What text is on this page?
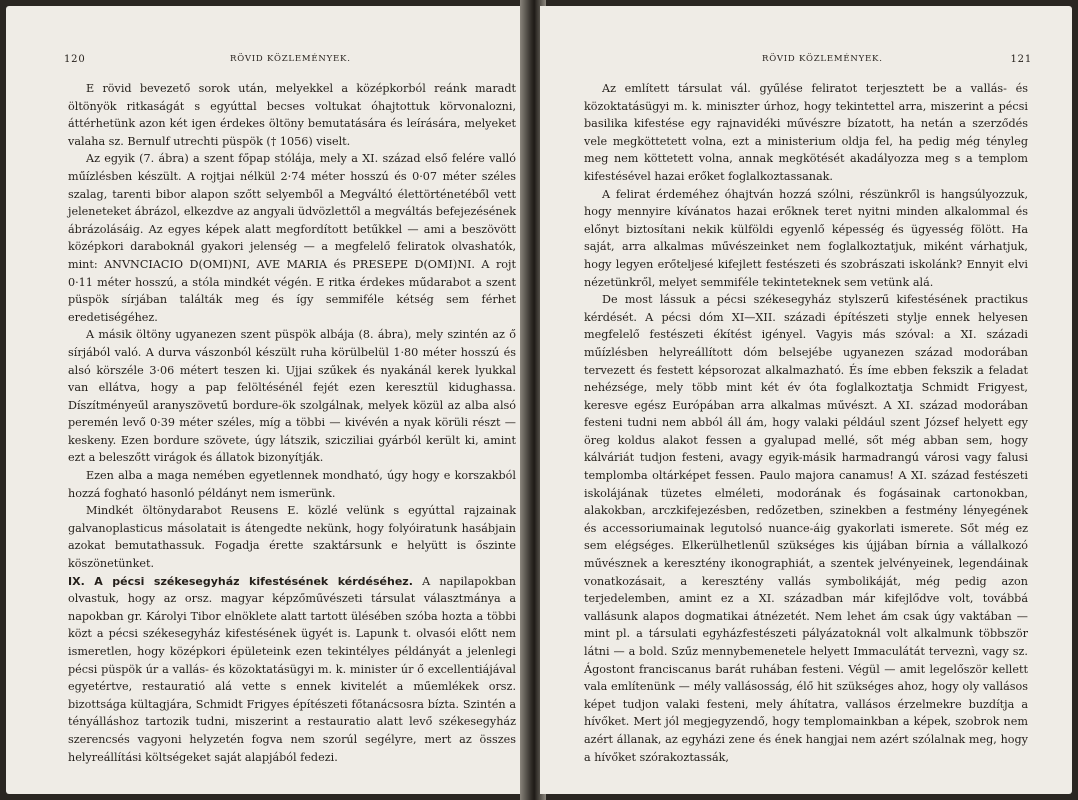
120	RÖVID KÖZLEMÉNYEK.

E rövid bevezető sorok után, melyekkel a középkorból reánk maradt öltönyök ritkaságát s egyúttal becses voltukat óhajtottuk körvonalozni, áttérhetünk azon két igen érdekes öltöny bemutatására és leírására, melyeket valaha sz. Bernulf utrechti püspök († 1056) viselt.

Az egyik (7. ábra) a szent főpap stólája, mely a XI. század első felére valló műízlésben készült. A rojtjai nélkül 2·74 méter hosszú és 0·07 méter széles szalag, tarenti bibor alapon szőtt selyemből a Megváltó élettörténetéből vett jeleneteket ábrázol, elkezdve az angyali üdvözlettől a megváltás befejezésének ábrázolásáig. Az egyes képek alatt megfordított betűkkel — ami a beszövött középkori daraboknál gyakori jelenség — a megfelelő feliratok olvashatók, mint: ANVNCIACIO D(OMI)NI, AVE MARIA és PRESEPE D(OMI)NI. A rojt 0·11 méter hosszú, a stóla mindkét végén. E ritka érdekes műdarabot a szent püspök sírjában találták meg és így semmiféle kétség sem férhet eredetiségéhez.

A másik öltöny ugyanezen szent püspök albája (8. ábra), mely szintén az ő sírjából való. A durva vászonból készült ruha körülbelül 1·80 méter hosszú és alsó körszéle 3·06 métert teszen ki. Ujjai szűkek és nyakánál kerek lyukkal van ellátva, hogy a pap felöltésénél fejét ezen keresztül kidughassa. Díszítményeűl aranyszövetű bordure-ök szolgálnak, melyek közül az alba alsó peremén levő 0·39 méter széles, míg a többi — kivévén a nyak körüli részt — keskeny. Ezen bordure szövete, úgy látszik, szicziliai gyárból került ki, amint ezt a beleszőtt virágok és állatok bizonyítják.

Ezen alba a maga nemében egyetlennek mondható, úgy hogy e korszakból hozzá fogható hasonló példányt nem ismerünk.

Mindkét öltönydarabot Reusens E. közlé velünk s egyúttal rajzainak galvanoplasticus másolatait is átengedte nekünk, hogy folyóiratunk hasábjain azokat bemutathassuk. Fogadja érette szaktársunk e helyütt is őszinte köszönetünket.

IX. A pécsi székesegyház kifestésének kérdéséhez. A napilapokban olvastuk, hogy az orsz. magyar képzőművészeti társulat választmánya a napokban gr. Károlyi Tibor elnöklete alatt tartott ülésében szóba hozta a többi közt a pécsi székesegyház kifestésének ügyét is. Lapunk t. olvasói előtt nem ismeretlen, hogy középkori épületeink ezen tekintélyes példányát a jelenlegi pécsi püspök úr a vallás- és közoktatásügyi m. k. minister úr ő excellentiájával egyetértve, restauratió alá vette s ennek kivitelét a műemlékek orsz. bizottsága kültagjára, Schmidt Frigyes építészeti főtanácsosra bízta. Szintén a tényálláshoz tartozik tudni, miszerint a restauratio alatt levő székesegyház szerencsés vagyoni helyzetén fogva nem szorúl segélyre, mert az összes helyreállítási költségeket saját alapjából fedezi.

RÖVID KÖZLEMÉNYEK.	121

Az említett társulat vál. gyűlése feliratot terjesztett be a vallás- és közoktatásügyi m. k. miniszter úrhoz, hogy tekintettel arra, miszerint a pécsi basilika kifestése egy rajnavidéki művészre bízatott, ha netán a szerződés vele megköttetett volna, ezt a ministerium oldja fel, ha pedig még tényleg meg nem köttetett volna, annak megkötését akadályozza meg s a templom kifestésével hazai erőket foglalkoztassanak.

A felirat érdeméhez óhajtván hozzá szólni, részünkről is hangsúlyozzuk, hogy mennyire kívánatos hazai erőknek teret nyitni minden alkalommal és előnyt biztosítani nekik külföldi egyenlő képesség és ügyesség fölött. Ha saját, arra alkalmas művészeinket nem foglalkoztatjuk, miként várhatjuk, hogy legyen erőteljesé kifejlett festészeti és szobrászati iskolánk? Ennyit elvi nézetünkről, melyet semmiféle tekinteteknek sem vetünk alá.

De most lássuk a pécsi székesegyház stylszerű kifestésének practikus kérdését. A pécsi dóm XI—XII. századi építészeti stylje ennek helyesen megfelelő festészeti ékítést igényel. Vagyis más szóval: a XI. századi műízlésben helyreállított dóm belsejébe ugyanezen század modorában tervezett és festett képsorozat alkalmazható. És íme ebben fekszik a feladat nehézsége, mely több mint két év óta foglalkoztatja Schmidt Frigyest, keresve egész Európában arra alkalmas művészt. A XI. század modorában festeni tudni nem abból áll ám, hogy valaki például szent József helyett egy öreg koldus alakot fessen a gyalupad mellé, sőt még abban sem, hogy kálváriát tudjon festeni, avagy egyik-másik harmadrangú városi vagy falusi templomba oltárképet fessen. Paulo majora canamus! A XI. század festészeti iskolájának tüzetes elméleti, modorának és fogásainak cartonokban, alakokban, arczkifejezésben, redőzetben, szinekben a festmény lényegének és accessoriumainak legutolsó nuance-áig gyakorlati ismerete. Sőt még ez sem elégséges. Elkerülhetlenűl szükséges kis újjában bírnia a vállalkozó művésznek a keresztény ikonographiát, a szentek jelvényeinek, legendáinak vonatkozásait, a keresztény vallás symbolikáját, még pedig azon terjedelemben, amint ez a XI. században már kifejlődve volt, továbbá vallásunk alapos dogmatikai átnézetét. Nem lehet ám csak úgy vaktában — mint pl. a társulati egyházfestészeti pályázatoknál volt alkalmunk többször látni — a bold. Szűz mennybemenetele helyett Immaculátát terveznì, vagy sz. Ágostont franciscanus barát ruhában festeni. Végül — amit legelőször kellett vala említenünk — mély vallásosság, élő hit szükséges ahoz, hogy oly vallásos képet tudjon valaki festeni, mely áhítatra, vallásos érzelmekre buzdítja a hívőket. Mert jól megjegyzendő, hogy templomainkban a képek, szobrok nem azért állanak, az egyházi zene és ének hangjai nem azért szólalnak meg, hogy a hívőket szórakoztassák,
